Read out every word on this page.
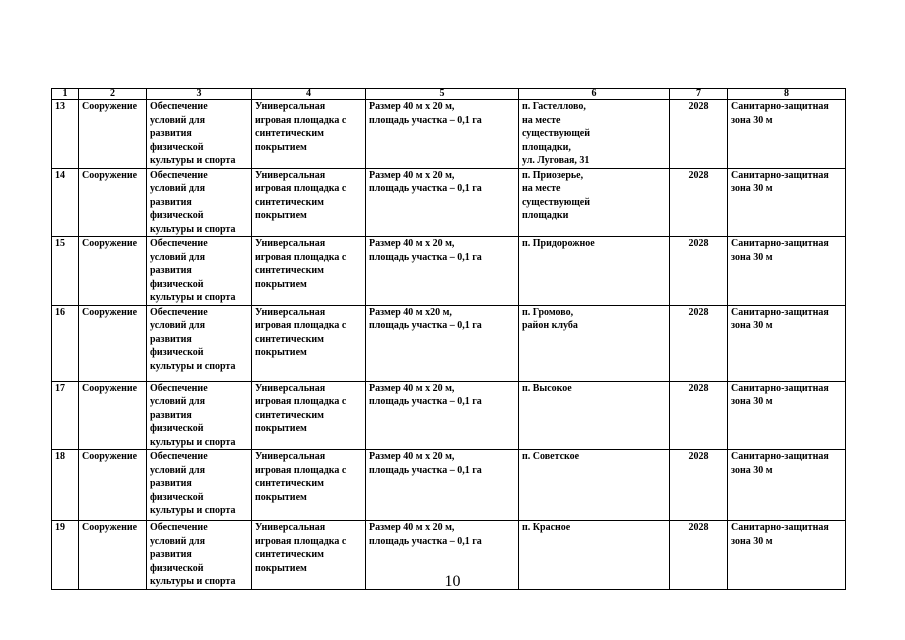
1	2	3	4	5	6	7	8
13	Сооружение	Обеспечение
условий для
развития
физической
культуры и спорта	Универсальная
игровая площадка с
синтетическим
покрытием	Размер 40 м х 20 м,
площадь участка – 0,1 га	п. Гастеллово,
на месте
существующей
площадки,
ул. Луговая, 31	2028	Санитарно-защитная
зона 30 м

14	Сооружение	Обеспечение
условий для
развития
физической
культуры и спорта	Универсальная
игровая площадка с
синтетическим
покрытием	Размер 40 м х 20 м,
площадь участка – 0,1 га	п. Приозерье,
на месте
существующей
площадки	2028	Санитарно-защитная
зона 30 м

15	Сооружение	Обеспечение
условий для
развития
физической
культуры и спорта	Универсальная
игровая площадка с
синтетическим
покрытием	Размер 40 м х 20 м,
площадь участка – 0,1 га	п. Придорожное	2028	Санитарно-защитная
зона 30 м

16	Сооружение	Обеспечение
условий для
развития
физической
культуры и спорта	Универсальная
игровая площадка с
синтетическим
покрытием	Размер 40 м х20 м,
площадь участка – 0,1 га	п. Громово,
район клуба	2028	Санитарно-защитная
зона 30 м

17	Сооружение	Обеспечение
условий для
развития
физической
культуры и спорта	Универсальная
игровая площадка с
синтетическим
покрытием	Размер 40 м х 20 м,
площадь участка – 0,1 га	п. Высокое	2028	Санитарно-защитная
зона 30 м

18	Сооружение	Обеспечение
условий для
развития
физической
культуры и спорта	Универсальная
игровая площадка с
синтетическим
покрытием	Размер 40 м х 20 м,
площадь участка – 0,1 га	п. Советское	2028	Санитарно-защитная
зона 30 м

19	Сооружение	Обеспечение
условий для
развития
физической
культуры и спорта	Универсальная
игровая площадка с
синтетическим
покрытием	Размер 40 м х 20 м,
площадь участка – 0,1 га	п. Красное	2028	Санитарно-защитная
зона 30 м
10
